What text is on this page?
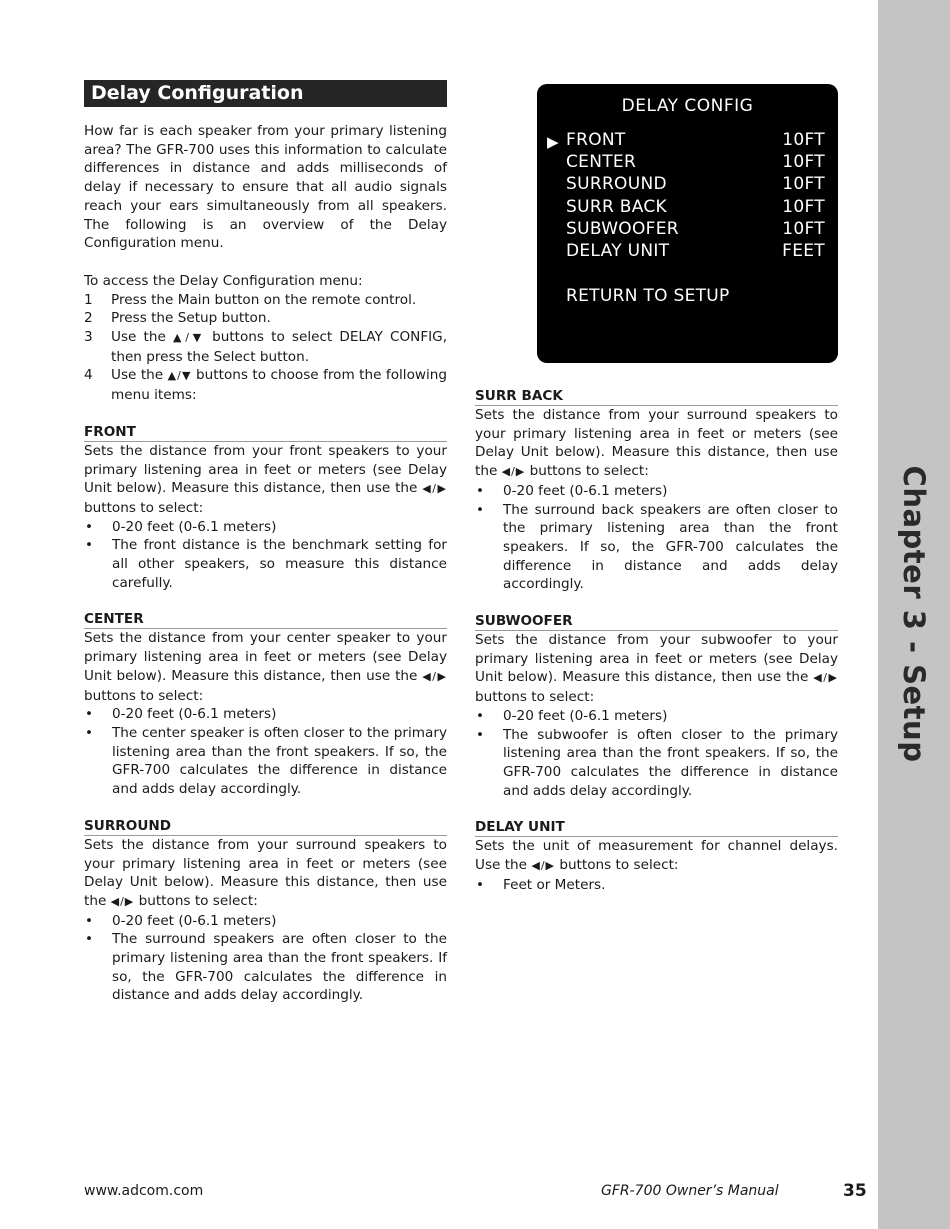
Chapter 3 - Setup
Delay Configuration

How far is each speaker from your primary listening area? The GFR-700 uses this information to calculate differences in distance and adds milliseconds of delay if necessary to ensure that all audio signals reach your ears simultaneously from all speakers. The following is an overview of the Delay Configuration menu.

To access the Delay Configuration menu:

1 Press the Main button on the remote control.
2 Press the Setup button.
3 Use the ▲/▼ buttons to select DELAY CONFIG, then press the Select button.
4 Use the ▲/▼ buttons to choose from the following menu items:
FRONT

Sets the distance from your front speakers to your primary listening area in feet or meters (see Delay Unit below). Measure this distance, then use the ◀/▶ buttons to select:

• 0-20 feet (0-6.1 meters)
• The front distance is the benchmark setting for all other speakers, so measure this distance carefully.
CENTER

Sets the distance from your center speaker to your primary listening area in feet or meters (see Delay Unit below). Measure this distance, then use the ◀/▶ buttons to select:

• 0-20 feet (0-6.1 meters)
• The center speaker is often closer to the primary listening area than the front speakers. If so, the GFR-700 calculates the difference in distance and adds delay accordingly.
SURROUND

Sets the distance from your surround speakers to your primary listening area in feet or meters (see Delay Unit below). Measure this distance, then use the ◀/▶ buttons to select:

• 0-20 feet (0-6.1 meters)
• The surround speakers are often closer to the primary listening area than the front speakers. If so, the GFR-700 calculates the difference in distance and adds delay accordingly.
DELAY CONFIG
▶ FRONT	10FT
CENTER	10FT
SURROUND	10FT
SURR BACK	10FT
SUBWOOFER	10FT
DELAY UNIT	FEET
RETURN TO SETUP
SURR BACK

Sets the distance from your surround speakers to your primary listening area in feet or meters (see Delay Unit below). Measure this distance, then use the ◀/▶ buttons to select:

• 0-20 feet (0-6.1 meters)
• The surround back speakers are often closer to the primary listening area than the front speakers. If so, the GFR-700 calculates the difference in distance and adds delay accordingly.
SUBWOOFER

Sets the distance from your subwoofer to your primary listening area in feet or meters (see Delay Unit below). Measure this distance, then use the ◀/▶ buttons to select:

• 0-20 feet (0-6.1 meters)
• The subwoofer is often closer to the primary listening area than the front speakers. If so, the GFR-700 calculates the difference in distance and adds delay accordingly.
DELAY UNIT

Sets the unit of measurement for channel delays. Use the ◀/▶ buttons to select:

• Feet or Meters.
www.adcom.com	GFR-700 Owner’s Manual	35
